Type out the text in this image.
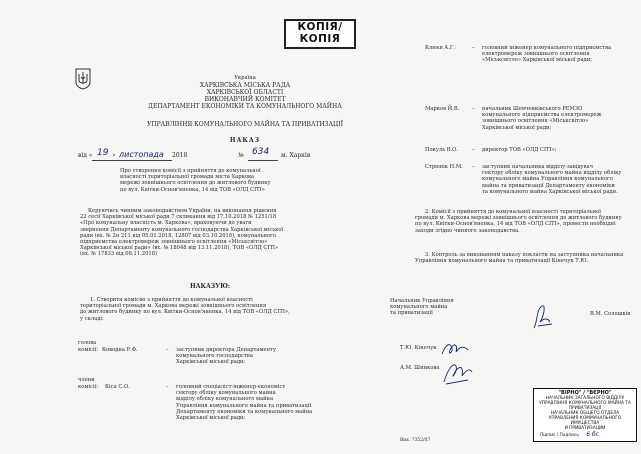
КОПІЯ/
КОПІЯ
Україна
ХАРКІВСЬКА МІСЬКА РАДА
ХАРКІВСЬКОЇ ОБЛАСТІ
ВИКОНАВЧИЙ КОМІТЕТ
ДЕПАРТАМЕНТ ЕКОНОМІКИ ТА КОМУНАЛЬНОГО МАЙНА
УПРАВЛІННЯ КОМУНАЛЬНОГО МАЙНА ТА ПРИВАТИЗАЦІЇ
НАКАЗ
від « 19 » листопада 2018	№ 634 м. Харків
Про створення комісії з прийняття до комунальної
власності територіальної громади міста Харкова
мережі зовнішнього освітлення до житлового будинку
по вул. Квітки-Основ'яненка, 14 від ТОВ «ОЛД СІТІ»
Керуючись чинним законодавством України, на виконання рішення
22 сесії Харківської міської ради 7 скликання від 17.10.2018 № 1251/18
«Про комунальну власність м. Харкова», враховуючи до уваги
звернення Департаменту комунального господарства Харківської міської
ради (вх. № 2н 211 від 05.01.2018, 12807 від 03.10.2018), комунального
підприємства електромереж зовнішнього освітлення «Міськсвітло»
Харківської міської ради» (вх. № 18048 від 13.11.2018), ТОВ «ОЛД СІТІ»
(вх. № 17833 від 08.11.2018)
НАКАЗУЮ:
1. Створити комісію з прийняття до комунальної власності
територіальної громади м. Харкова мережі зовнішнього освітлення
до житлового будинку по вул. Квітки-Основ'яненка, 14 від ТОВ «ОЛД СІТІ»,
у складі:
голова
комісії: Ководна Р.Ф.	– заступник директора Департаменту
комунального господарства
Харківської міської ради;
члени
комісії: Кіса С.О.	– головний спеціаліст-інженер-економіст
сектору обліку комунального майна
відділу обліку комунального майна
Управління комунального майна та приватизації
Департаменту економіки та комунального майна
Харківської міської ради;
Клюєв А.Г.	– головний інженер комунального підприємства
електромереж зовнішнього освітлення
«Міськсвітло» Харківської міської ради;
Марков Й.В. – начальник Шевченківського РЕМЗО
комунального підприємства електромереж
зовнішнього освітлення «Міськсвітло»
Харківської міської ради;
Покуль В.О.	– директор ТОВ «ОЛД СІТІ»;
Стрюнік Н.М. – заступник начальника відділу-завідувач
сектору обліку комунального майна відділу обліку
комунального майна Управління комунального
майна та приватизації Департаменту економіки
та комунального майна Харківської міської ради.
2. Комісії з прийняття до комунальної власності територіальної
громади м. Харкова мережі зовнішнього освітлення до житлового будинку
по вул. Квітки-Основ'яненка, 14 від ТОВ «ОЛД СІТІ», провести необхідні
заходи згідно чинного законодавства.
3. Контроль за виконанням наказу покласти на заступника начальника
Управління комунального майна та приватизації Кінечук Т.Ю.
Начальник Управління
комунального майна
та приватизації	В.М. Солошкін
Т.Ю. Кінечук
А.М. Шинкова
Вих. 7352/07
"ВІРНО" / "ВЄРНО"
НАЧАЛЬНИК ЗАГАЛЬНОГО ВІДДІЛУ
УПРАВЛІННЯ КОМУНАЛЬНОГО МАЙНА ТА
ПРИВАТИЗАЦІЇ
НАЧАЛЬНИК ОБЩЕГО ОТДЕЛА
УПРАВЛЕНИЯ КОММУНАЛЬНОГО ИМУЩЕСТВА
И ПРИВАТИЗАЦИИ
Підпис / Подпись 6 бс
